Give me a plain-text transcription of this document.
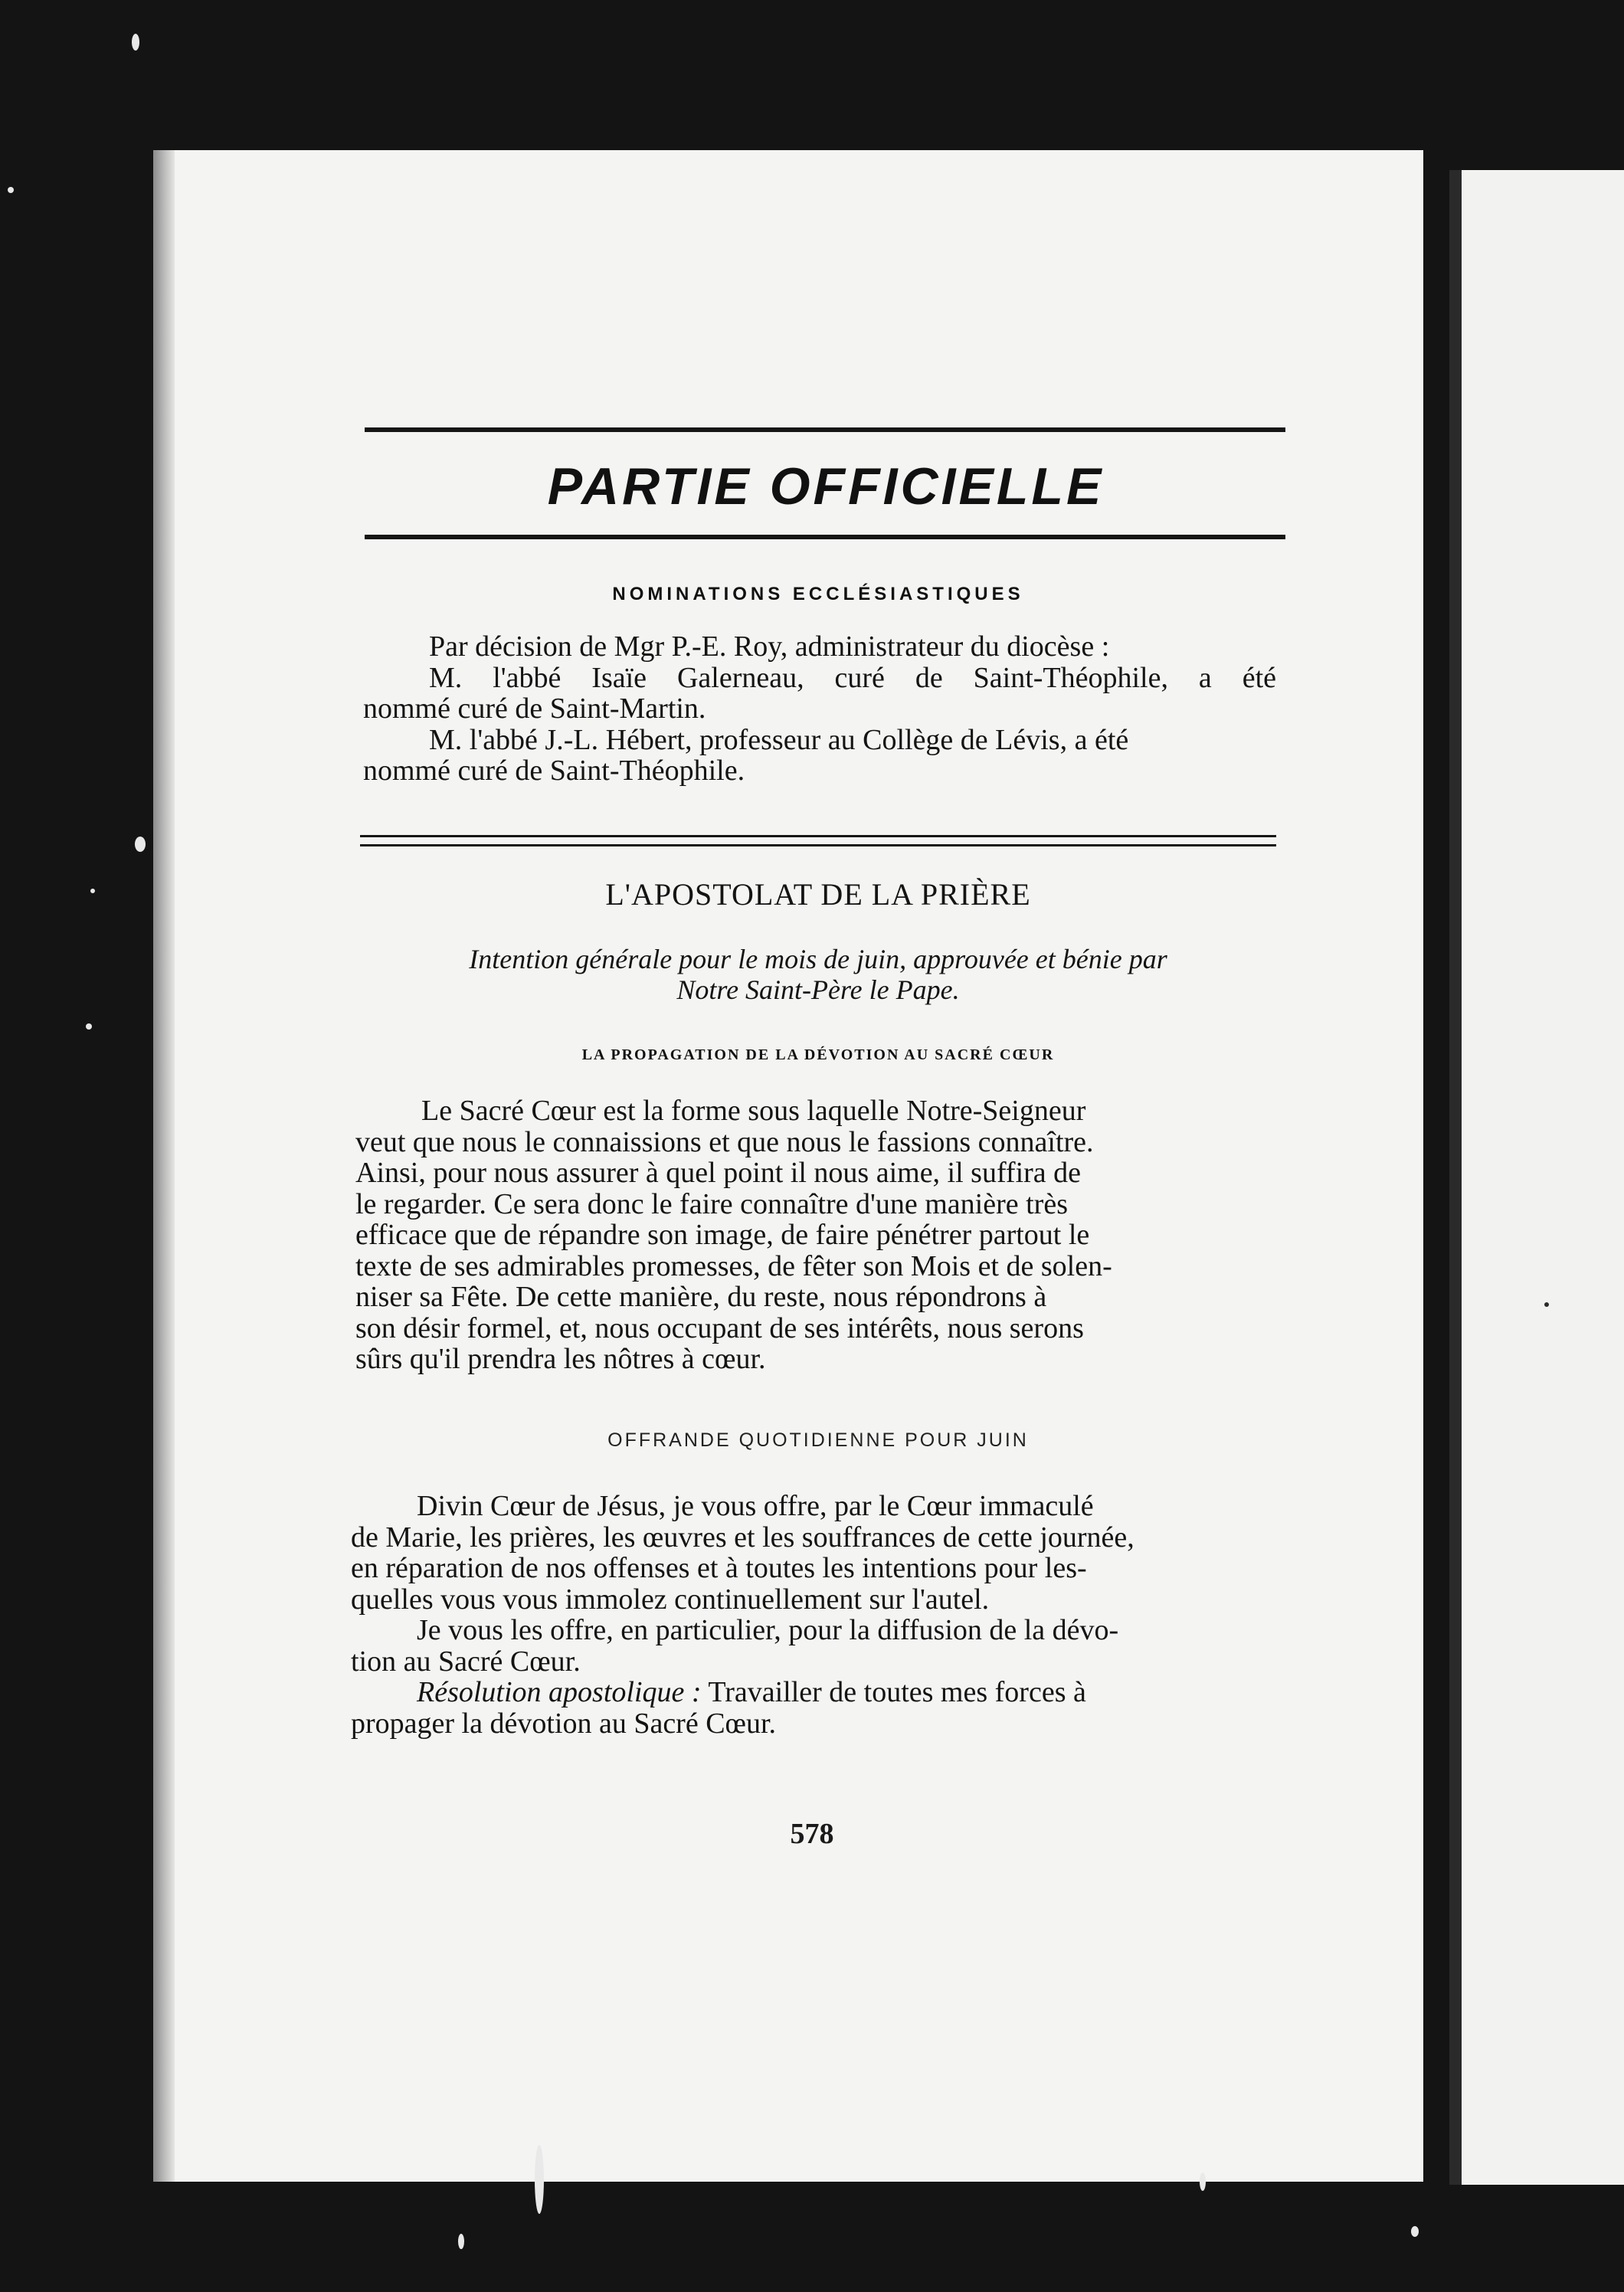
PARTIE OFFICIELLE
NOMINATIONS ECCLÉSIASTIQUES
Par décision de Mgr P.-E. Roy, administrateur du diocèse :
M. l'abbé Isaïe Galerneau, curé de Saint-Théophile, a été
nommé curé de Saint-Martin.
M. l'abbé J.-L. Hébert, professeur au Collège de Lévis, a été
nommé curé de Saint-Théophile.
L'APOSTOLAT DE LA PRIÈRE
Intention générale pour le mois de juin, approuvée et bénie par
Notre Saint-Père le Pape.
LA PROPAGATION DE LA DÉVOTION AU SACRÉ CŒUR
Le Sacré Cœur est la forme sous laquelle Notre-Seigneur
veut que nous le connaissions et que nous le fassions connaître.
Ainsi, pour nous assurer à quel point il nous aime, il suffira de
le regarder. Ce sera donc le faire connaître d'une manière très
efficace que de répandre son image, de faire pénétrer partout le
texte de ses admirables promesses, de fêter son Mois et de solen-
niser sa Fête. De cette manière, du reste, nous répondrons à
son désir formel, et, nous occupant de ses intérêts, nous serons
sûrs qu'il prendra les nôtres à cœur.
OFFRANDE QUOTIDIENNE POUR JUIN
Divin Cœur de Jésus, je vous offre, par le Cœur immaculé
de Marie, les prières, les œuvres et les souffrances de cette journée,
en réparation de nos offenses et à toutes les intentions pour les-
quelles vous vous immolez continuellement sur l'autel.
Je vous les offre, en particulier, pour la diffusion de la dévo-
tion au Sacré Cœur.
Résolution apostolique : Travailler de toutes mes forces à
propager la dévotion au Sacré Cœur.
578
